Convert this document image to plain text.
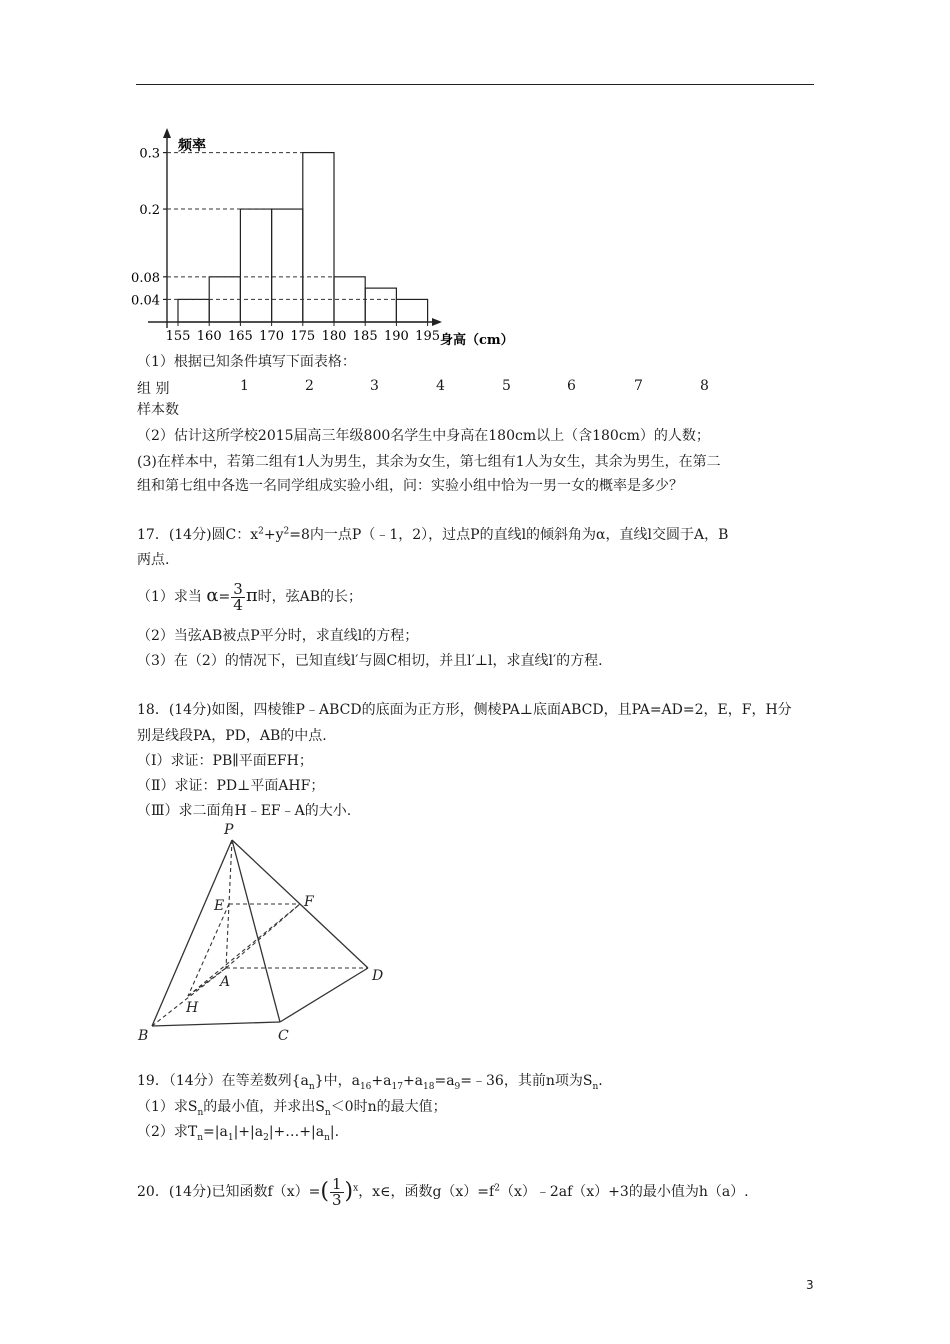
0.3
0.2
0.08
0.04
155 160 165 170 175 180 185 190 195
频率
身高（cm）
（1）根据已知条件填写下面表格：
组 别	1	2	3	4	5	6	7	8
样本数
（2）估计这所学校2015届高三年级800名学生中身高在180cm以上（含180cm）的人数；
(3)在样本中，若第二组有1人为男生，其余为女生，第七组有1人为女生，其余为男生，在第二
组和第七组中各选一名同学组成实验小组，问：实验小组中恰为一男一女的概率是多少？
17．(14分)圆C：$x^2+y^2=8$内一点P（﹣1，2），过点P的直线l的倾斜角为α，直线l交圆于A，B
两点.
（1）求当 $\alpha= \frac{3}{4}$ π时，弦AB的长；
（2）当弦AB被点P平分时，求直线l的方程；
（3）在（2）的情况下，已知直线l′与圆C相切，并且l′⊥l，求直线l′的方程.
18．(14分)如图，四棱锥P﹣ABCD的底面为正方形，侧棱PA⊥底面ABCD，且PA=AD=2，E，F，H分
别是线段PA，PD，AB的中点.
（Ⅰ）求证：PB∥平面EFH；
（Ⅱ）求证：PD⊥平面AHF；
（Ⅲ）求二面角H﹣EF﹣A的大小.
P
E	F
A	D
H
B	C
19．（14分）在等差数列$\{a_n\}$中，$a_{16}+a_{17}+a_{18}=a_9=﹣36$，其前n项为$S_n$.
（1）求$S_n$的最小值，并求出$S_n<0$时n的最大值；
（2）求$T_n=|a_1|+|a_2|+\dots+|a_n|$.
20．(14分)已知函数$f(x)=( \frac{1}{3} )^x$，x∈，函数$g(x)=f^2(x)﹣2af(x)+3$的最小值为h（a）.
3
